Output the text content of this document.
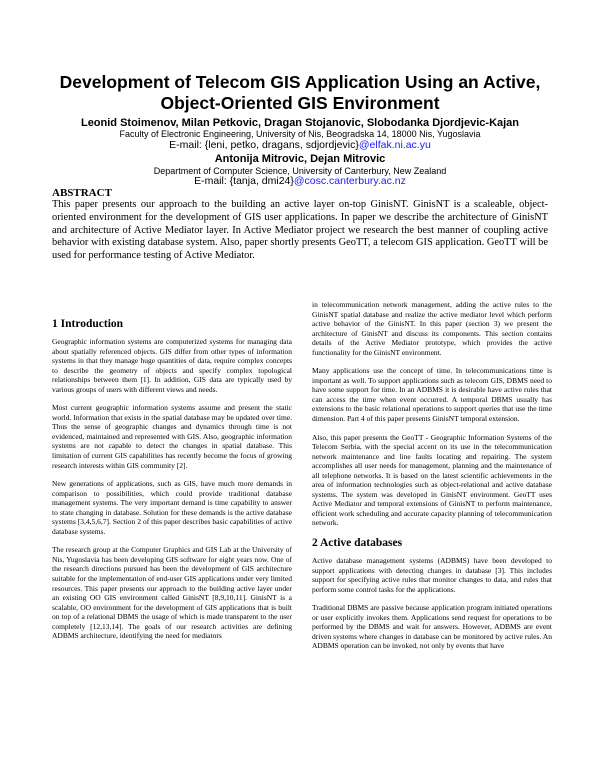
Development of Telecom GIS Application Using an Active,
Object-Oriented GIS Environment
Leonid Stoimenov, Milan Petkovic, Dragan Stojanovic, Slobodanka Djordjevic-Kajan
Faculty of Electronic Engineering, University of Nis, Beogradska 14, 18000 Nis, Yugoslavia
E-mail: {leni, petko, dragans, sdjordjevic}@elfak.ni.ac.yu
Antonija Mitrovic, Dejan Mitrovic
Department of Computer Science, University of Canterbury, New Zealand
E-mail: {tanja, dmi24}@cosc.canterbury.ac.nz
ABSTRACT
This paper presents our approach to the building an active layer on-top GinisNT. GinisNT is a scaleable, object-oriented environment for the development of GIS user applications. In paper we describe the architecture of GinisNT and architecture of Active Mediator layer. In Active Mediator project we research the best manner of coupling active behavior with existing database system. Also, paper shortly presents GeoTT, a telecom GIS application. GeoTT will be used for performance testing of Active Mediator.
1 Introduction

Geographic information systems are computerized systems for managing data about spatially referenced objects. GIS differ from other types of information systems in that they manage huge quantities of data, require complex concepts to describe the geometry of objects and specify complex topological relationships between them [1]. In addition, GIS data are typically used by various groups of users with different views and needs.

Most current geographic information systems assume and present the static world. Information that exists in the spatial database may be updated over time. Thus the sense of geographic changes and dynamics through time is not evidenced, maintained and represented with GIS. Also, geographic information systems are not capable to detect the changes in spatial database. This limitation of current GIS capabilities has recently become the focus of growing research interests within GIS community [2].

New generations of applications, such as GIS, have much more demands in comparison to possibilities, which could provide traditional database management systems. The very important demand is time capability to answer to state changing in database. Solution for these demands is the active database systems [3,4,5,6,7]. Section 2 of this paper describes basic capabilities of active database systems.

The research group at the Computer Graphics and GIS Lab at the University of Nis, Yugoslavia has been developing GIS software for eight years now. One of the research directions pursued has been the development of GIS architecture suitable for the implementation of end-user GIS applications under very limited resources. This paper presents our approach to the building active layer under an existing OO GIS environment called GinisNT [8,9,10,11]. GinisNT is a scalable, OO environment for the development of GIS applications that is built on top of a relational DBMS the usage of which is made transparent to the user completely [12,13,14]. The goals of our research activities are defining ADBMS architecture, identifying the need for mediators

in telecommunication network management, adding the active rules to the GinisNT spatial database and realize the active mediator level which perform active behavior of the GinisNT. In this paper (section 3) we present the architecture of GinisNT and discuss its components. This section contains details of the Active Mediator prototype, which provides the active functionality for the GinisNT environment.

Many applications use the concept of time. In telecommunications time is important as well. To support applications such as telecom GIS, DBMS need to have some support for time. In an ADBMS it is desirable have active rules that can access the time when event occurred. A temporal DBMS usually has extensions to the basic relational operations to support queries that use the time dimension. Part 4 of this paper presents GinisNT temporal extension.

Also, this paper presents the GeoTT - Geographic Information Systems of the Telecom Serbia, with the special accent on its use in the telecommunication network maintenance and line faults locating and repairing. The system accomplishes all user needs for management, planning and the maintenance of all telephone networks. It is based on the latest scientific achievements in the area of information technologies such as object-relational and active database systems. The system was developed in GinisNT environment. GeoTT uses Active Mediator and temporal extensions of GinisNT to perform maintenance, efficient work scheduling and accurate capacity planning of telecommunication network.

2 Active databases

Active database management systems (ADBMS) have been developed to support applications with detecting changes in database [3]. This includes support for specifying active rules that monitor changes to data, and rules that perform some control tasks for the applications.

Traditional DBMS are passive because application program initiated operations or user explicitly invokes them. Applications send request for operations to be performed by the DBMS and wait for answers. However, ADBMS are event driven systems where changes in database can be monitored by active rules. An ADBMS operation can be invoked, not only by events that have
